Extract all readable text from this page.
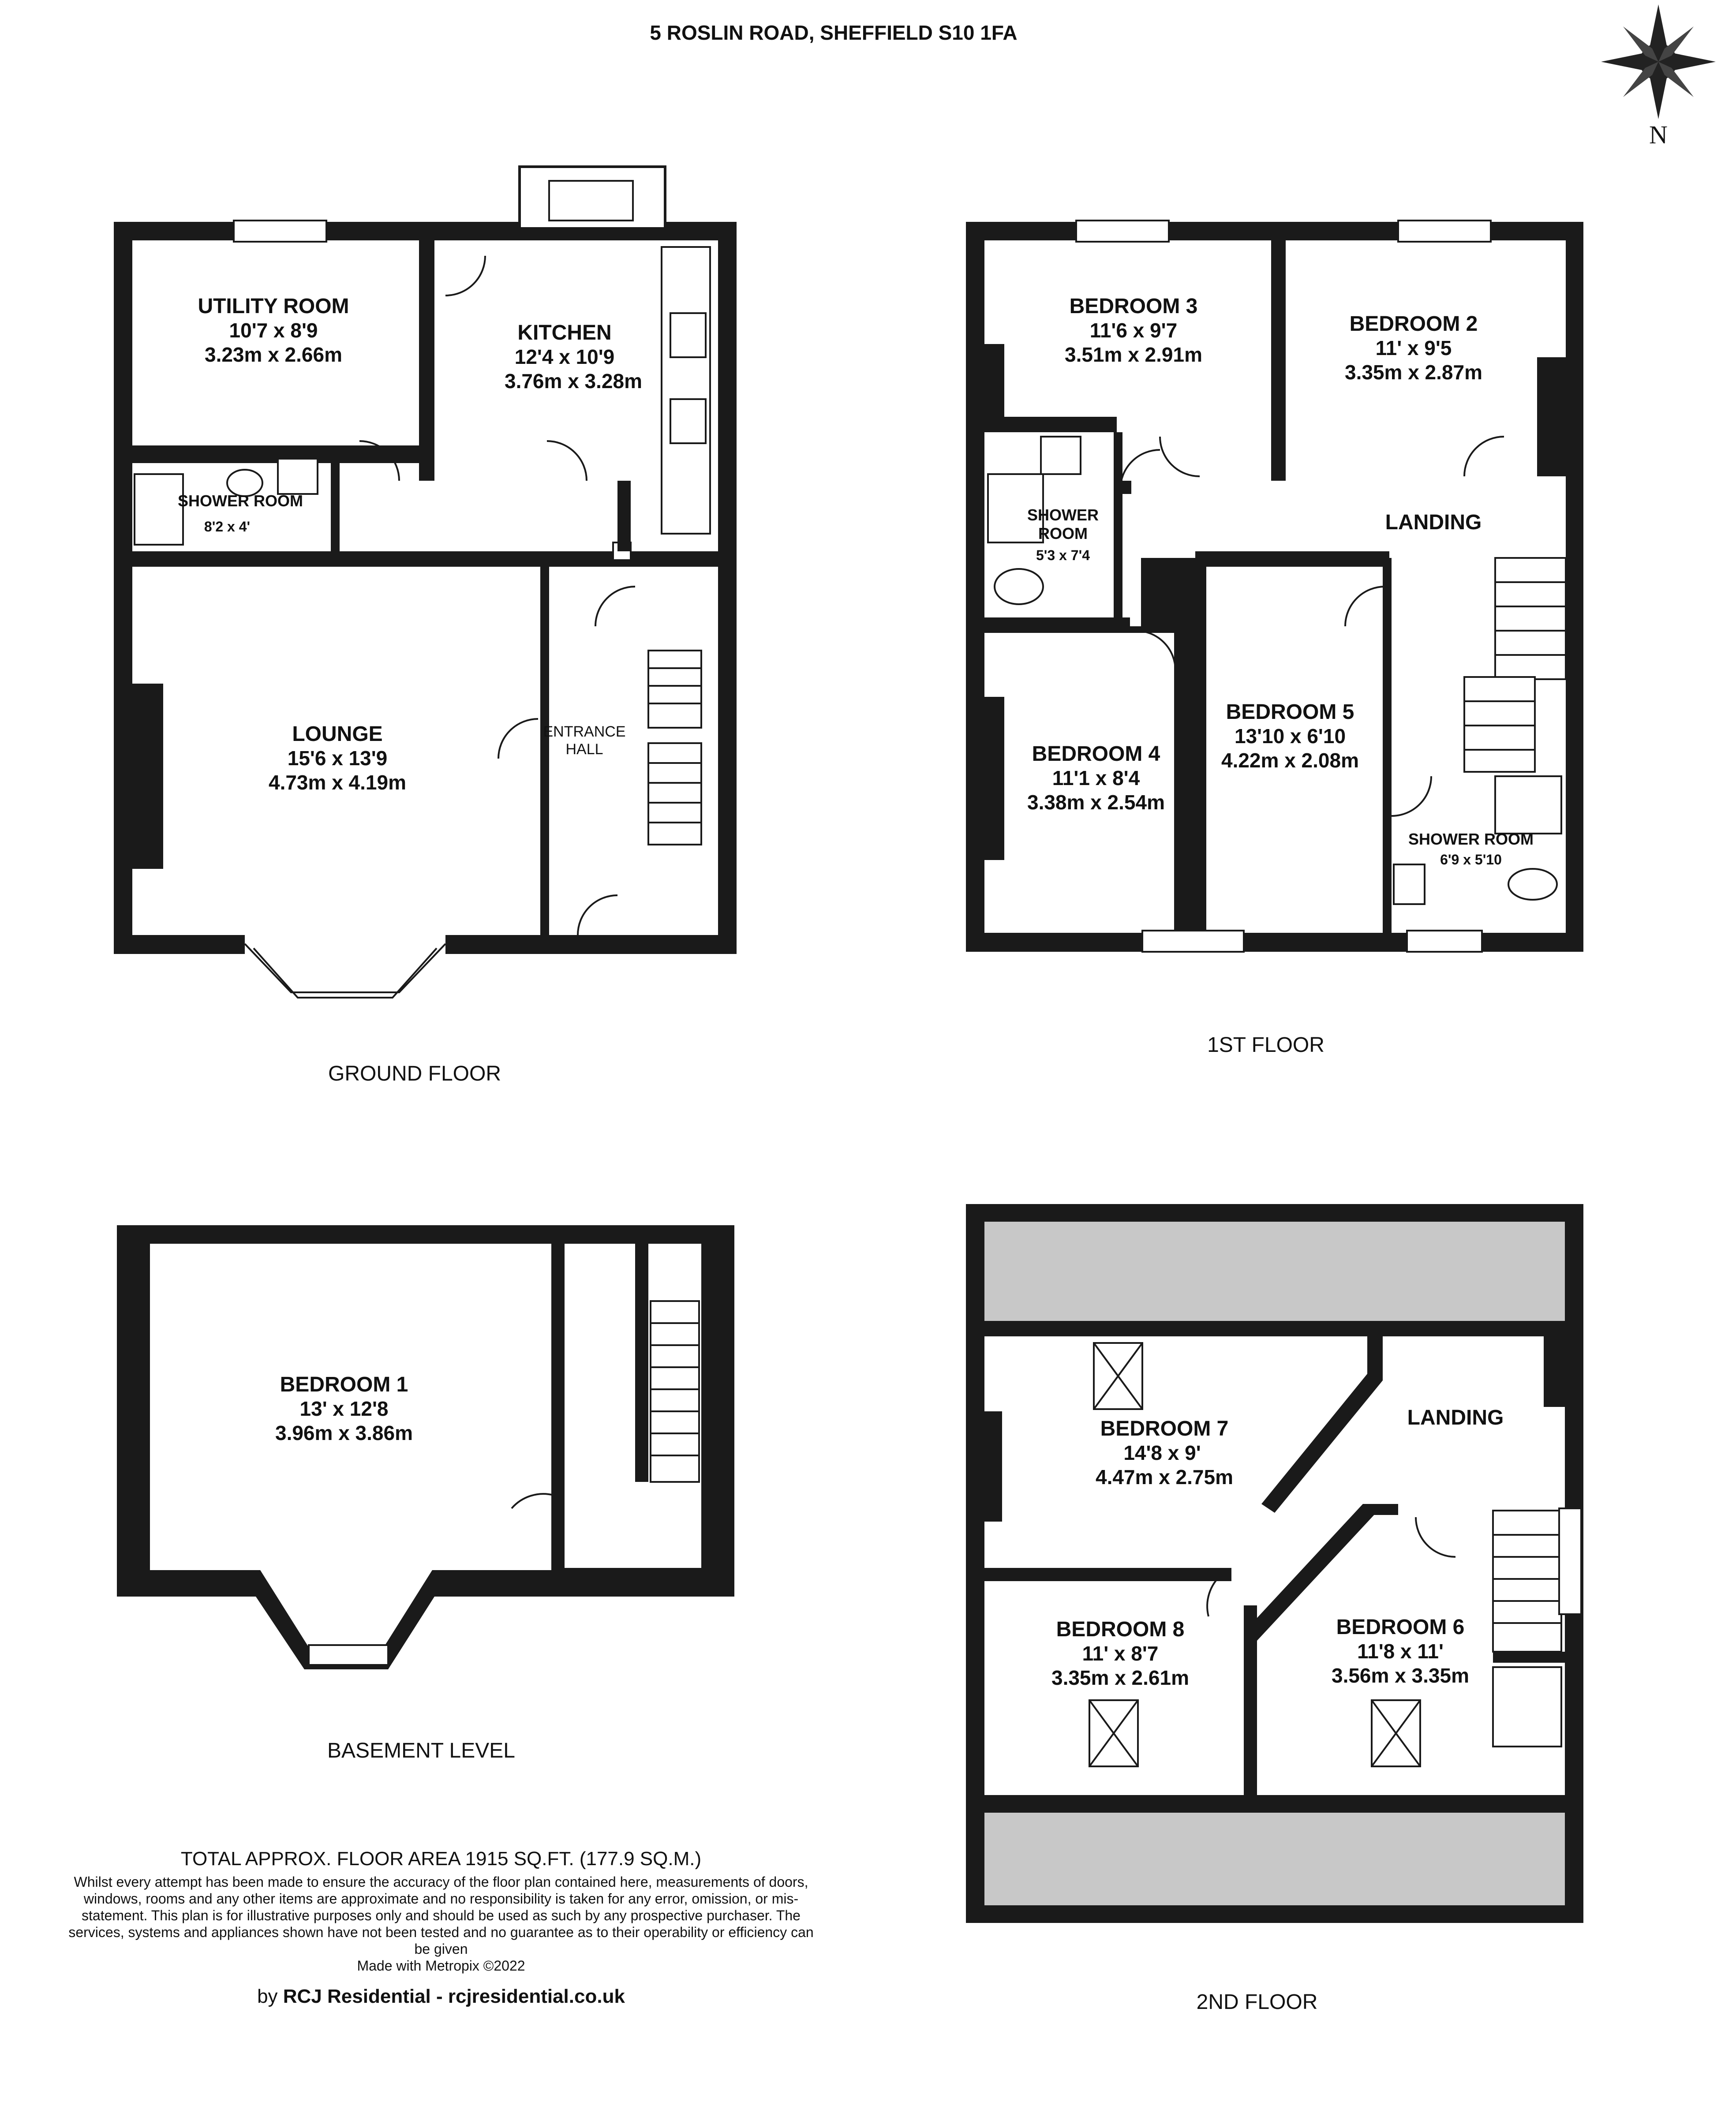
5 ROSLIN ROAD, SHEFFIELD S10 1FA
N
UTILITY ROOM
10'7 x 8'9
3.23m x 2.66m
KITCHEN
12'4 x 10'9
3.76m x 3.28m
SHOWER ROOM
8'2 x 4'
LOUNGE
15'6 x 13'9
4.73m x 4.19m
ENTRANCE
HALL
GROUND FLOOR
BEDROOM 3
11'6 x 9'7
3.51m x 2.91m
BEDROOM 2
11' x 9'5
3.35m x 2.87m
SHOWER
ROOM
5'3 x 7'4
LANDING
BEDROOM 4
11'1 x 8'4
3.38m x 2.54m
BEDROOM 5
13'10 x 6'10
4.22m x 2.08m
SHOWER ROOM
6'9 x 5'10
1ST FLOOR
BEDROOM 1
13' x 12'8
3.96m x 3.86m
BASEMENT LEVEL
BEDROOM 7
14'8 x 9'
4.47m x 2.75m
LANDING
BEDROOM 8
11' x 8'7
3.35m x 2.61m
BEDROOM 6
11'8 x 11'
3.56m x 3.35m
2ND FLOOR
TOTAL APPROX. FLOOR AREA 1915 SQ.FT. (177.9 SQ.M.)
Whilst every attempt has been made to ensure the accuracy of the floor plan contained here, measurements of doors, windows, rooms and any other items are approximate and no responsibility is taken for any error, omission, or mis-statement. This plan is for illustrative purposes only and should be used as such by any prospective purchaser. The services, systems and appliances shown have not been tested and no guarantee as to their operability or efficiency can be given
Made with Metropix ©2022
by RCJ Residential - rcjresidential.co.uk
